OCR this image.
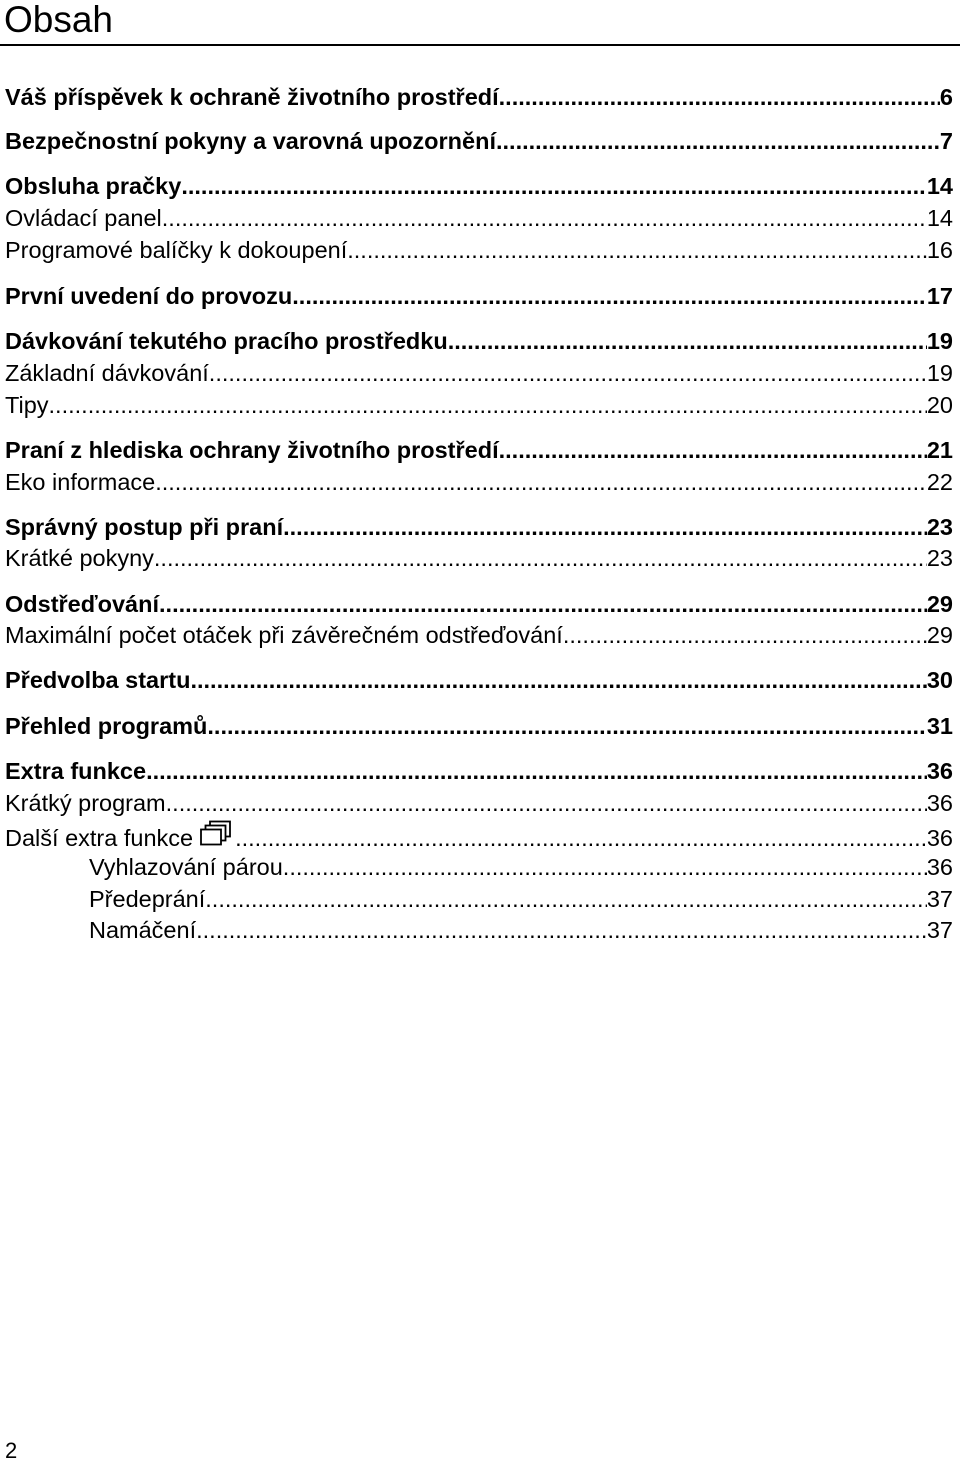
Obsah
Váš příspěvek k ochraně životního prostředí .....	6
Bezpečnostní pokyny a varovná upozornění .....	7
Obsluha pračky .....	14
Ovládací panel .....	14
Programové balíčky k dokoupení .....	16
První uvedení do provozu .....	17
Dávkování tekutého pracího prostředku .....	19
Základní dávkování .....	19
Tipy .....	20
Praní z hlediska ochrany životního prostředí .....	21
Eko informace .....	22
Správný postup při praní .....	23
Krátké pokyny .....	23
Odstřeďování .....	29
Maximální počet otáček při závěrečném odstřeďování .....	29
Předvolba startu .....	30
Přehled programů .....	31
Extra funkce .....	36
Krátký program .....	36
Další extra funkce .....	36
Vyhlazování párou .....	36
Předeprání .....	37
Namáčení .....	37
2
